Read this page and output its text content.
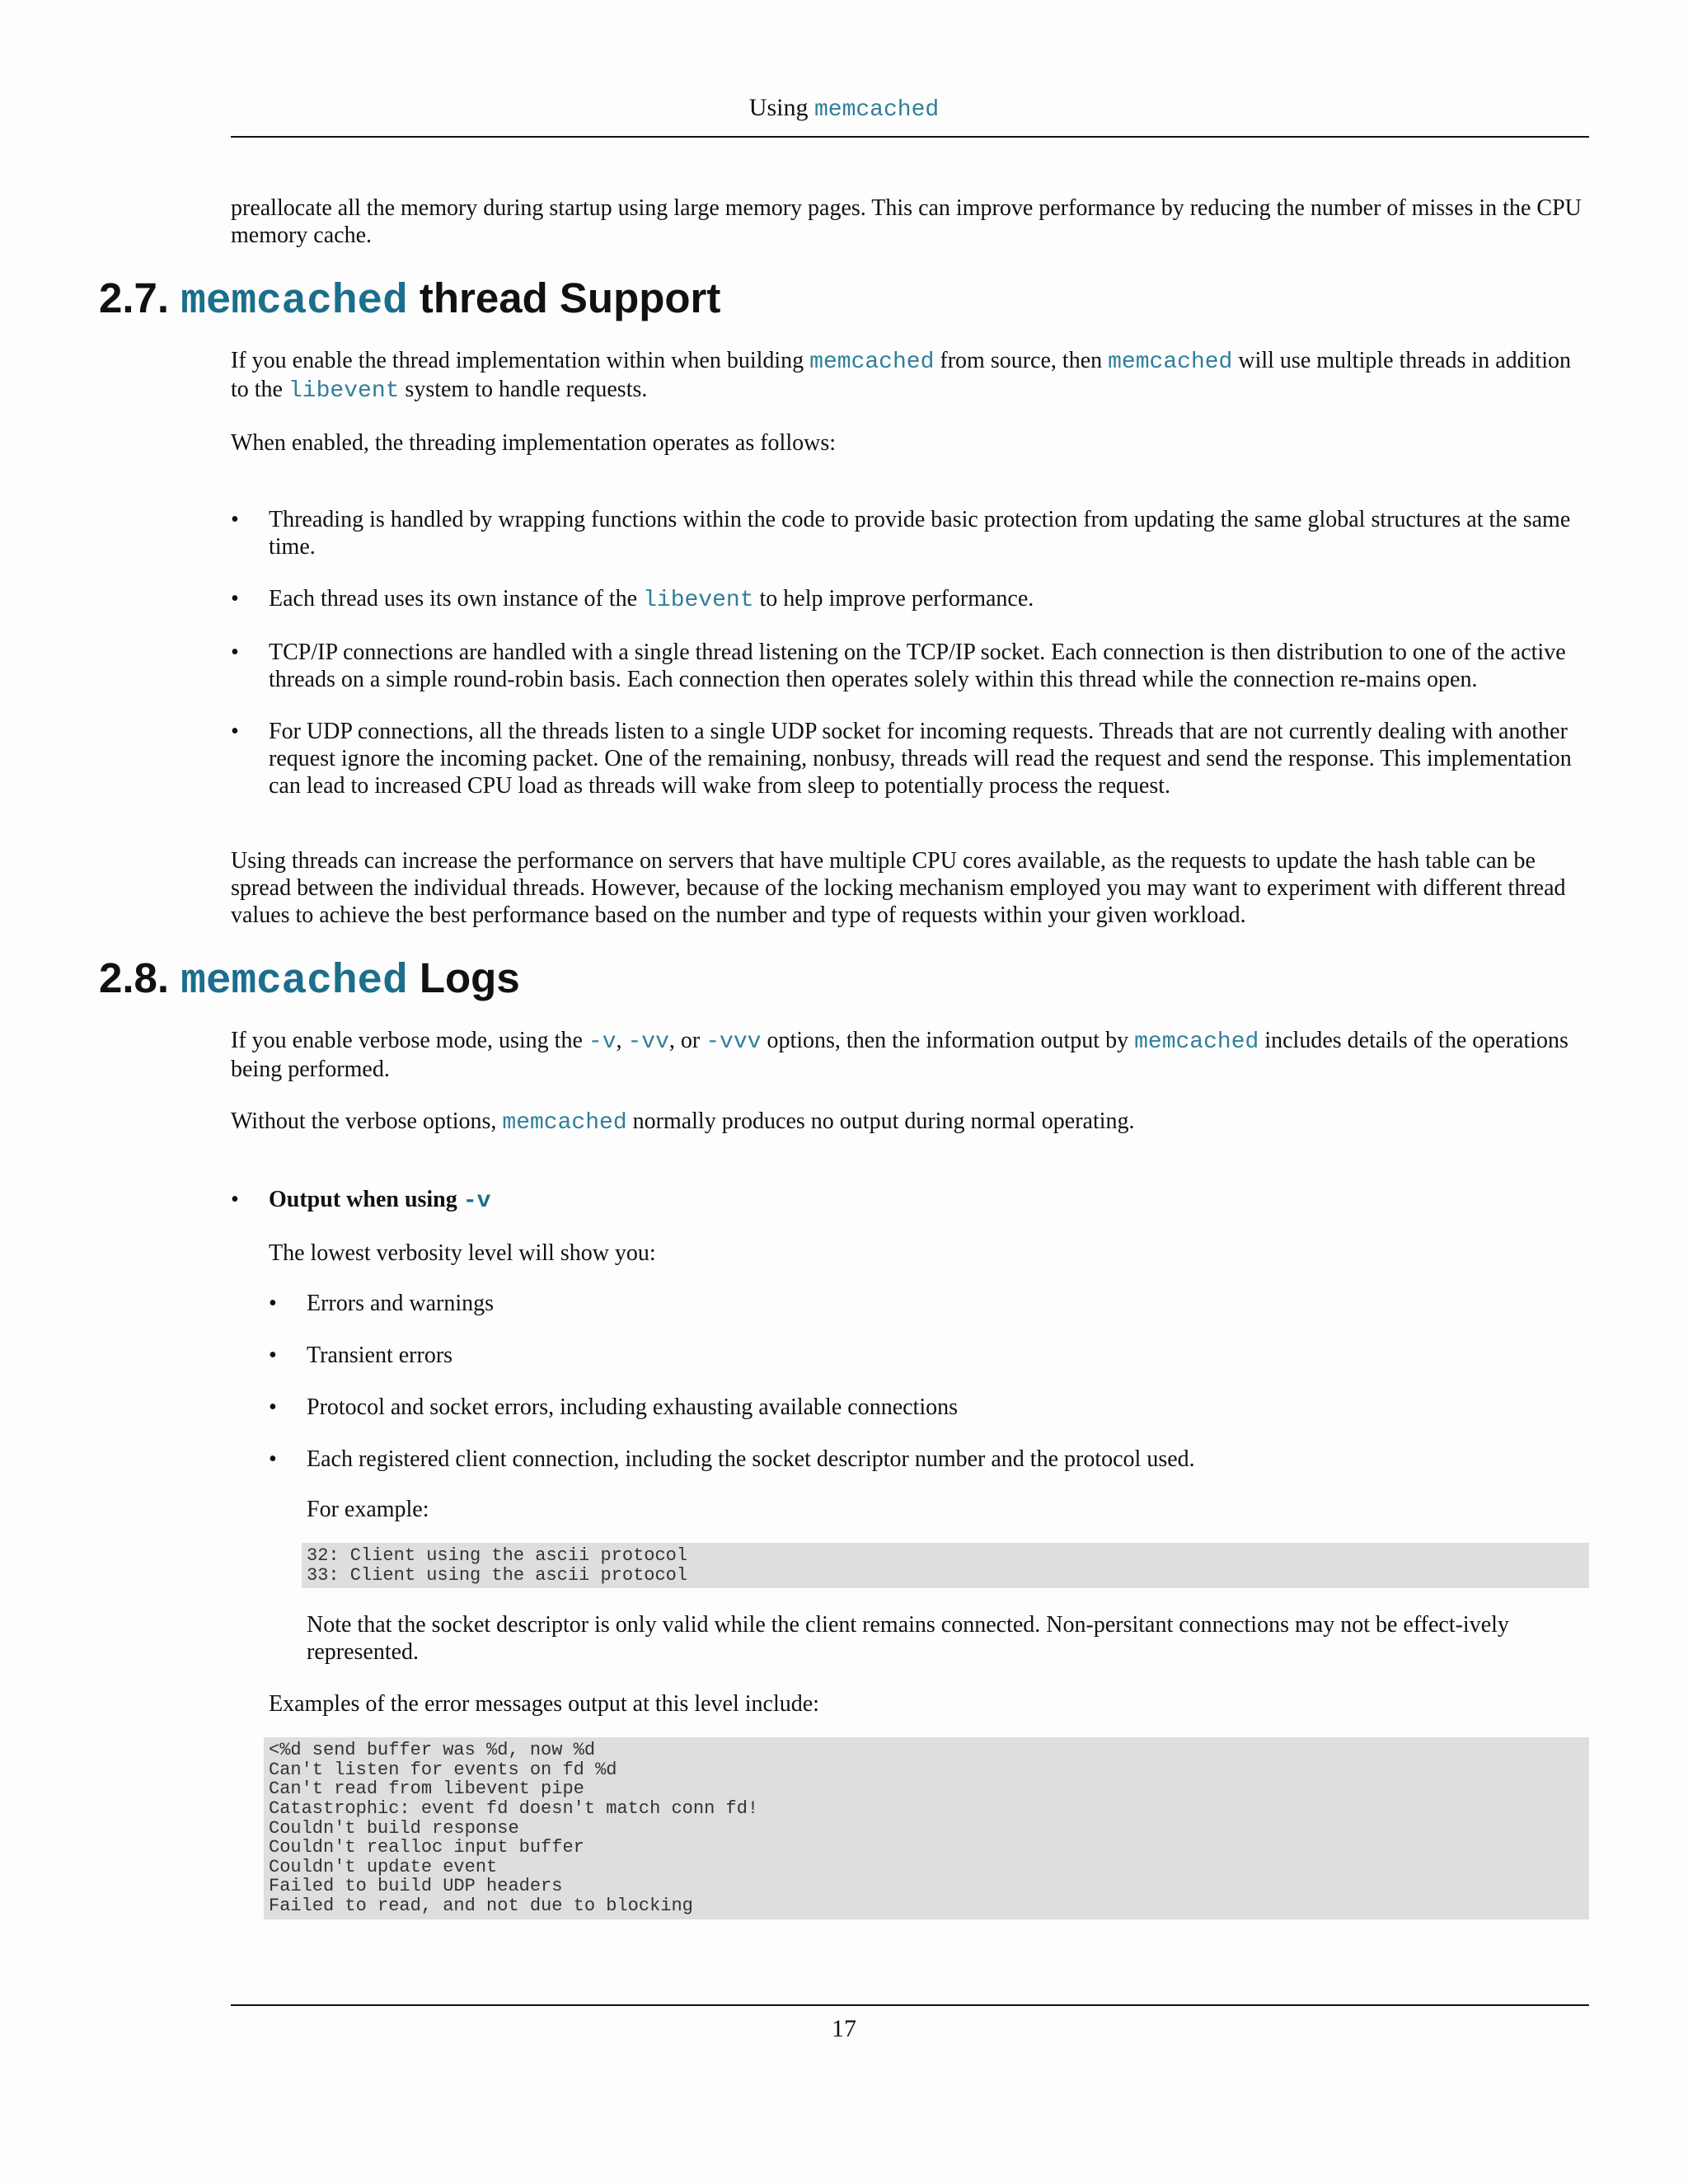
Using memcached

preallocate all the memory during startup using large memory pages. This can improve performance by reducing the number of misses in the CPU memory cache.

2.7. memcached thread Support

If you enable the thread implementation within when building memcached from source, then memcached will use multiple threads in addition to the libevent system to handle requests.

When enabled, the threading implementation operates as follows:

• Threading is handled by wrapping functions within the code to provide basic protection from updating the same global structures at the same time.
• Each thread uses its own instance of the libevent to help improve performance.
• TCP/IP connections are handled with a single thread listening on the TCP/IP socket. Each connection is then distribution to one of the active threads on a simple round-robin basis. Each connection then operates solely within this thread while the connection re-mains open.
• For UDP connections, all the threads listen to a single UDP socket for incoming requests. Threads that are not currently dealing with another request ignore the incoming packet. One of the remaining, nonbusy, threads will read the request and send the response. This implementation can lead to increased CPU load as threads will wake from sleep to potentially process the request.

Using threads can increase the performance on servers that have multiple CPU cores available, as the requests to update the hash table can be spread between the individual threads. However, because of the locking mechanism employed you may want to experiment with different thread values to achieve the best performance based on the number and type of requests within your given workload.

2.8. memcached Logs

If you enable verbose mode, using the -v, -vv, or -vvv options, then the information output by memcached includes details of the operations being performed.

Without the verbose options, memcached normally produces no output during normal operating.

• Output when using -v
The lowest verbosity level will show you:
• Errors and warnings
• Transient errors
• Protocol and socket errors, including exhausting available connections
• Each registered client connection, including the socket descriptor number and the protocol used.
For example:
32: Client using the ascii protocol
33: Client using the ascii protocol
Note that the socket descriptor is only valid while the client remains connected. Non-persitant connections may not be effect-ively represented.
Examples of the error messages output at this level include:
<%d send buffer was %d, now %d
Can't listen for events on fd %d
Can't read from libevent pipe
Catastrophic: event fd doesn't match conn fd!
Couldn't build response
Couldn't realloc input buffer
Couldn't update event
Failed to build UDP headers
Failed to read, and not due to blocking
17
